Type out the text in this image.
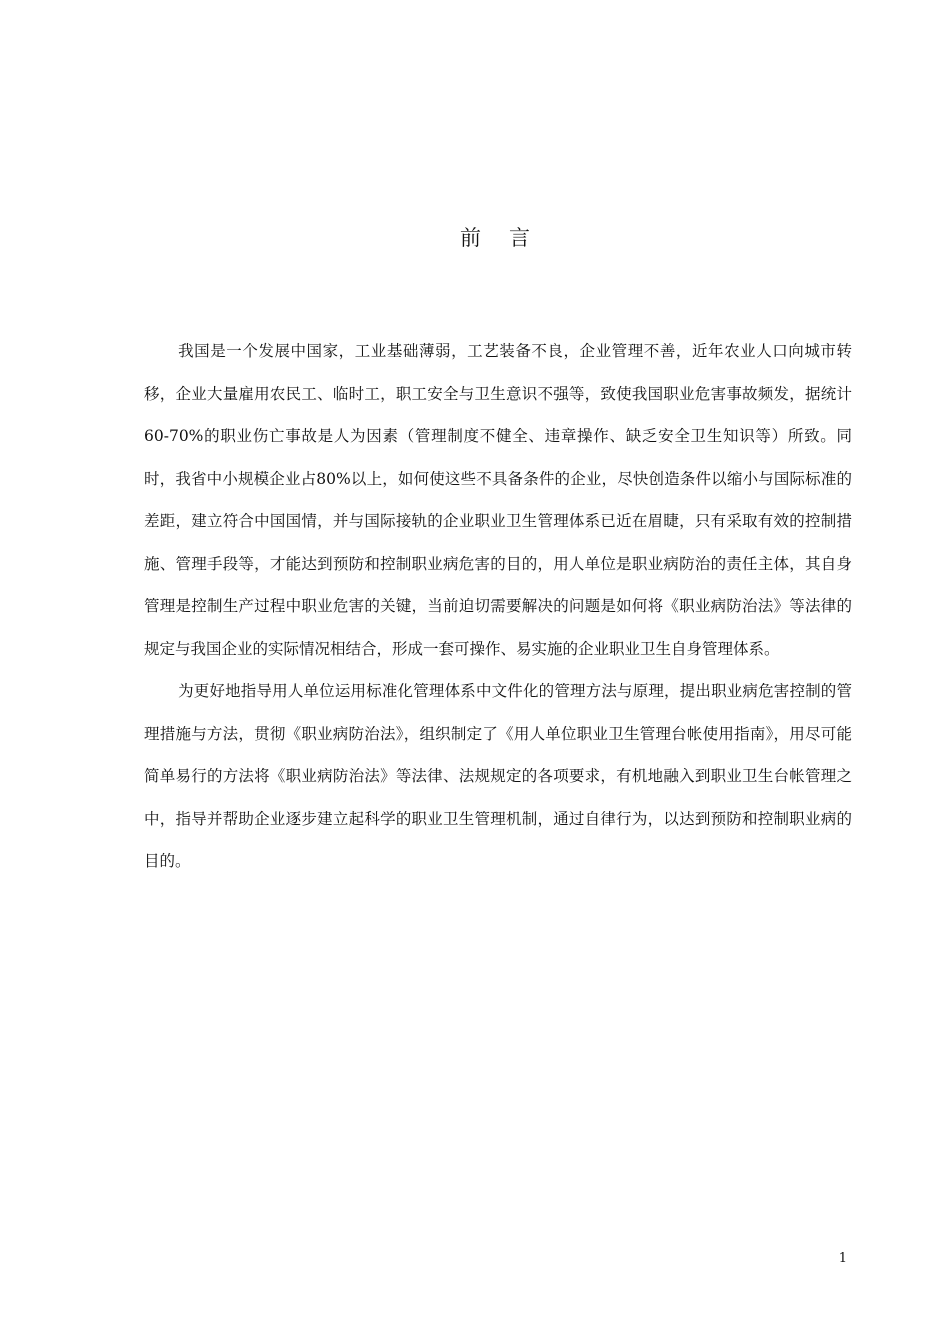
前 言

我国是一个发展中国家，工业基础薄弱，工艺装备不良，企业管理不善，近年农业人口向城市转移，企业大量雇用农民工、临时工，职工安全与卫生意识不强等，致使我国职业危害事故频发，据统计60-70%的职业伤亡事故是人为因素（管理制度不健全、违章操作、缺乏安全卫生知识等）所致。同时，我省中小规模企业占80%以上，如何使这些不具备条件的企业，尽快创造条件以缩小与国际标准的差距，建立符合中国国情，并与国际接轨的企业职业卫生管理体系已近在眉睫，只有采取有效的控制措施、管理手段等，才能达到预防和控制职业病危害的目的，用人单位是职业病防治的责任主体，其自身管理是控制生产过程中职业危害的关键，当前迫切需要解决的问题是如何将《职业病防治法》等法律的规定与我国企业的实际情况相结合，形成一套可操作、易实施的企业职业卫生自身管理体系。

为更好地指导用人单位运用标准化管理体系中文件化的管理方法与原理，提出职业病危害控制的管理措施与方法，贯彻《职业病防治法》，组织制定了《用人单位职业卫生管理台帐使用指南》，用尽可能简单易行的方法将《职业病防治法》等法律、法规规定的各项要求，有机地融入到职业卫生台帐管理之中，指导并帮助企业逐步建立起科学的职业卫生管理机制，通过自律行为，以达到预防和控制职业病的目的。

1
